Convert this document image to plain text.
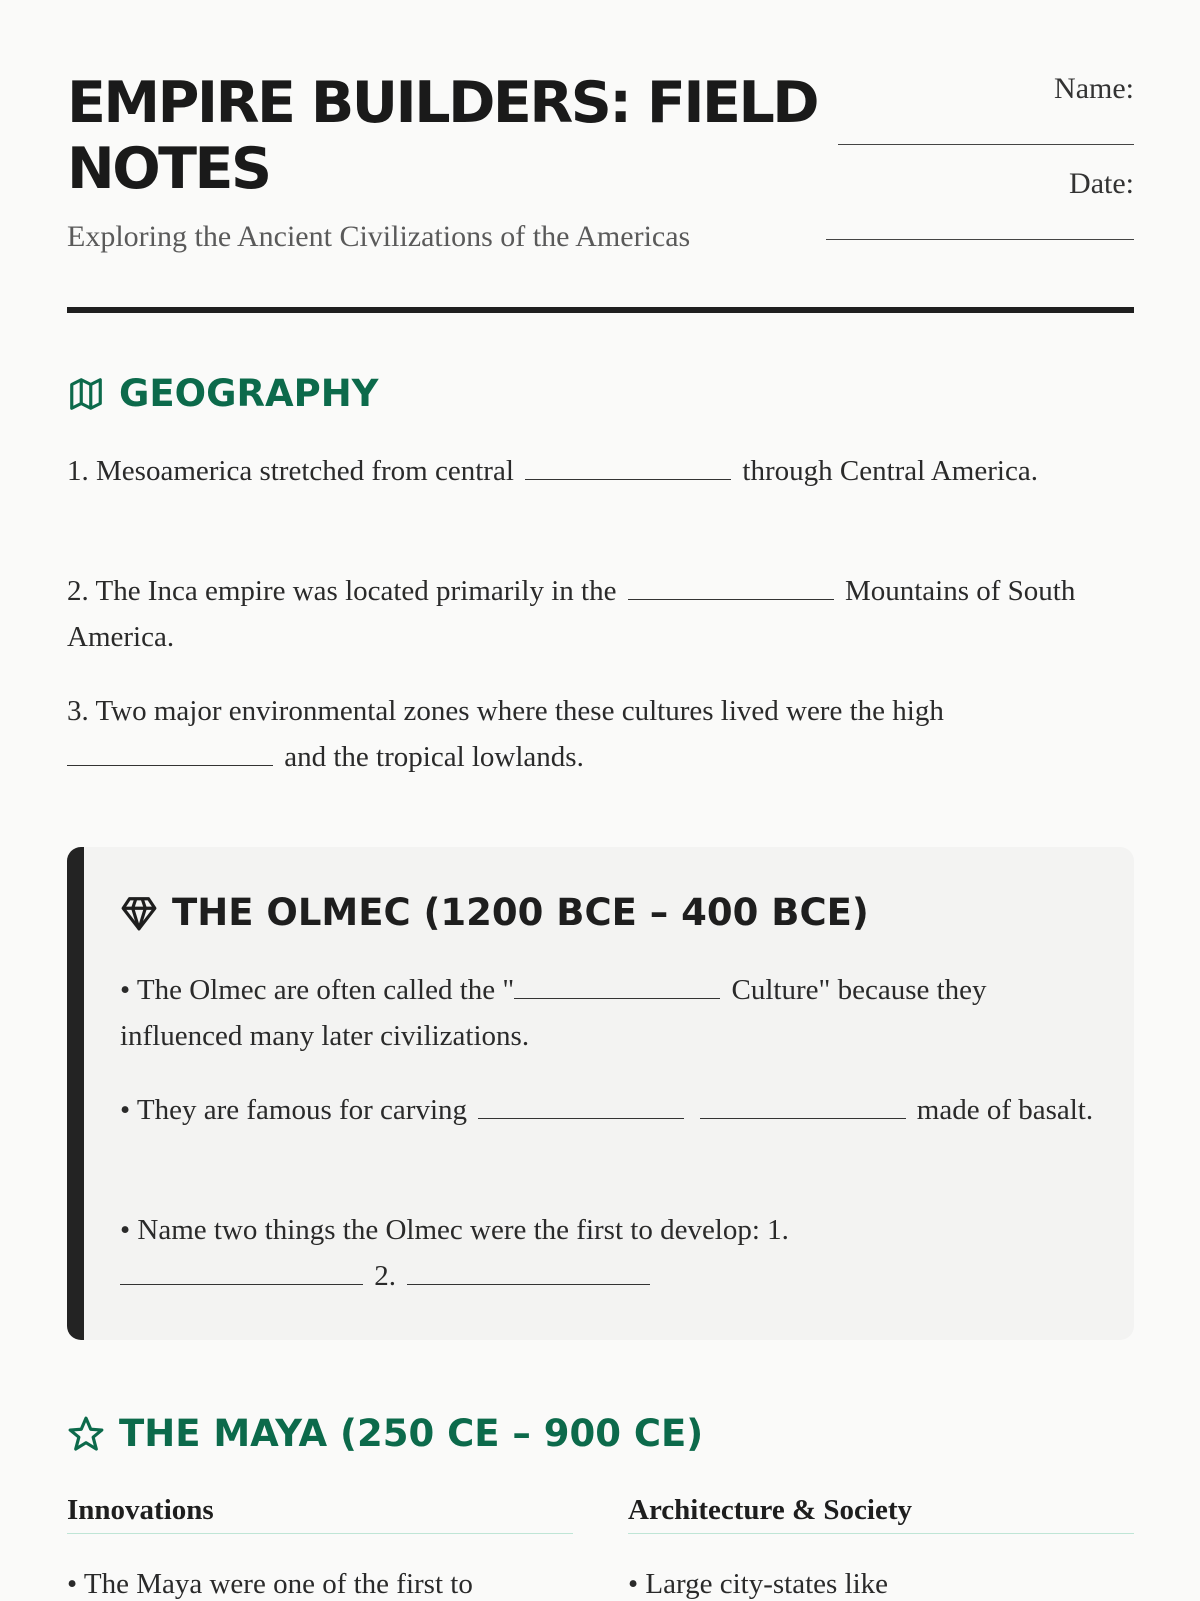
EMPIRE BUILDERS: FIELD NOTES
Exploring the Ancient Civilizations of the Americas
Name:
Date:
GEOGRAPHY

1. Mesoamerica stretched from central	through Central America.

2. The Inca empire was located primarily in the	Mountains of South America.

3. Two major environmental zones where these cultures lived were the high  and the tropical lowlands.

THE OLMEC (1200 BCE – 400 BCE)

• The Olmec are often called the "	Culture" because they influenced many later civilizations.

• They are famous for carving	made of basalt.

• Name two things the Olmec were the first to develop: 1.
2.

THE MAYA (250 CE – 900 CE)
Innovations	Architecture & Society
• The Maya were one of the first to	• Large city-states like
